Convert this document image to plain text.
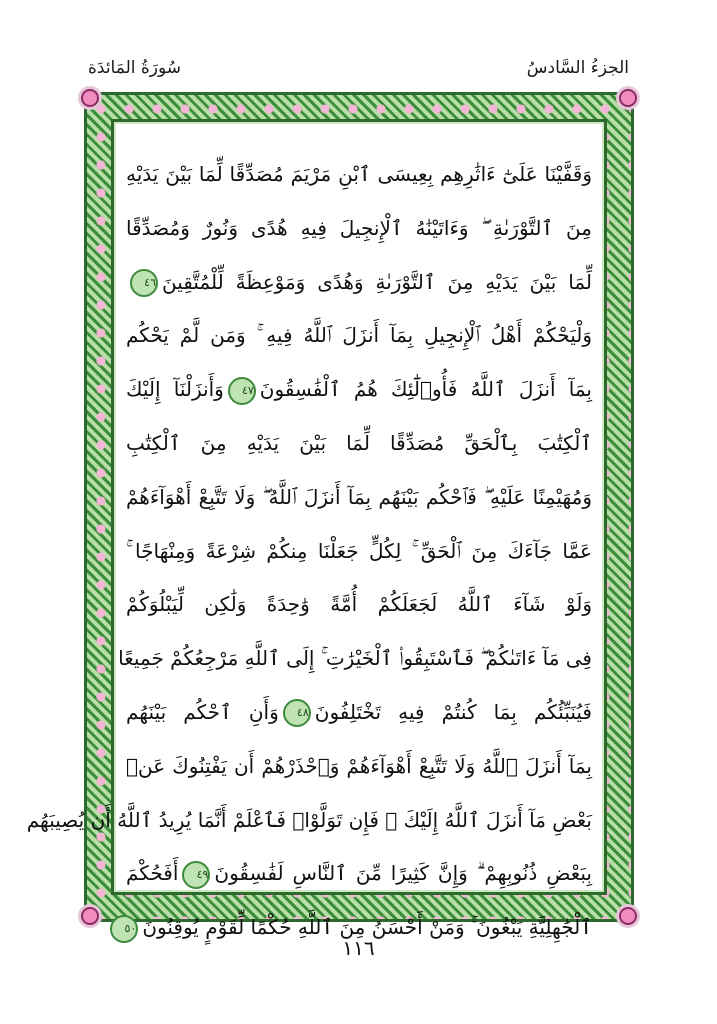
الجزءُ السَّادسُ
سُورَةُ المَائدَة
وَقَفَّيْنَا عَلَىٰٓ ءَاثَٰرِهِم بِعِيسَى ٱبْنِ مَرْيَمَ مُصَدِّقًا لِّمَا بَيْنَ يَدَيْهِ
مِنَ ٱلتَّوْرَىٰةِ ۖ وَءَاتَيْنَٰهُ ٱلْإِنجِيلَ فِيهِ هُدًى وَنُورٌ وَمُصَدِّقًا
لِّمَا بَيْنَ يَدَيْهِ مِنَ ٱلتَّوْرَىٰةِ وَهُدًى وَمَوْعِظَةً لِّلْمُتَّقِينَ٤٦
وَلْيَحْكُمْ أَهْلُ ٱلْإِنجِيلِ بِمَآ أَنزَلَ ٱللَّهُ فِيهِ ۚ وَمَن لَّمْ يَحْكُم
بِمَآ أَنزَلَ ٱللَّهُ فَأُو۟لَٰٓئِكَ هُمُ ٱلْفَٰسِقُونَ٤٧وَأَنزَلْنَآ إِلَيْكَ
ٱلْكِتَٰبَ بِٱلْحَقِّ مُصَدِّقًا لِّمَا بَيْنَ يَدَيْهِ مِنَ ٱلْكِتَٰبِ
وَمُهَيْمِنًا عَلَيْهِ ۖ فَٱحْكُم بَيْنَهُم بِمَآ أَنزَلَ ٱللَّهُ ۖ وَلَا تَتَّبِعْ أَهْوَآءَهُمْ
عَمَّا جَآءَكَ مِنَ ٱلْحَقِّ ۚ لِكُلٍّ جَعَلْنَا مِنكُمْ شِرْعَةً وَمِنْهَاجًا ۚ
وَلَوْ شَآءَ ٱللَّهُ لَجَعَلَكُمْ أُمَّةً وَٰحِدَةً وَلَٰكِن لِّيَبْلُوَكُمْ
فِى مَآ ءَاتَىٰكُمْ ۖ فَٱسْتَبِقُوا۟ ٱلْخَيْرَٰتِ ۚ إِلَى ٱللَّهِ مَرْجِعُكُمْ جَمِيعًا
فَيُنَبِّئُكُم بِمَا كُنتُمْ فِيهِ تَخْتَلِفُونَ٤٨وَأَنِ ٱحْكُم بَيْنَهُم
بِمَآ أَنزَلَ ٱللَّهُ وَلَا تَتَّبِعْ أَهْوَآءَهُمْ وَٱحْذَرْهُمْ أَن يَفْتِنُوكَ عَنۢ
بَعْضِ مَآ أَنزَلَ ٱللَّهُ إِلَيْكَ ۖ فَإِن تَوَلَّوْا۟ فَٱعْلَمْ أَنَّمَا يُرِيدُ ٱللَّهُ أَن يُصِيبَهُم
بِبَعْضِ ذُنُوبِهِمْ ۗ وَإِنَّ كَثِيرًا مِّنَ ٱلنَّاسِ لَفَٰسِقُونَ٤٩أَفَحُكْمَ
ٱلْجَٰهِلِيَّةِ يَبْغُونَ ۚ وَمَنْ أَحْسَنُ مِنَ ٱللَّهِ حُكْمًا لِّقَوْمٍ يُوقِنُونَ٥٠
١١٦
